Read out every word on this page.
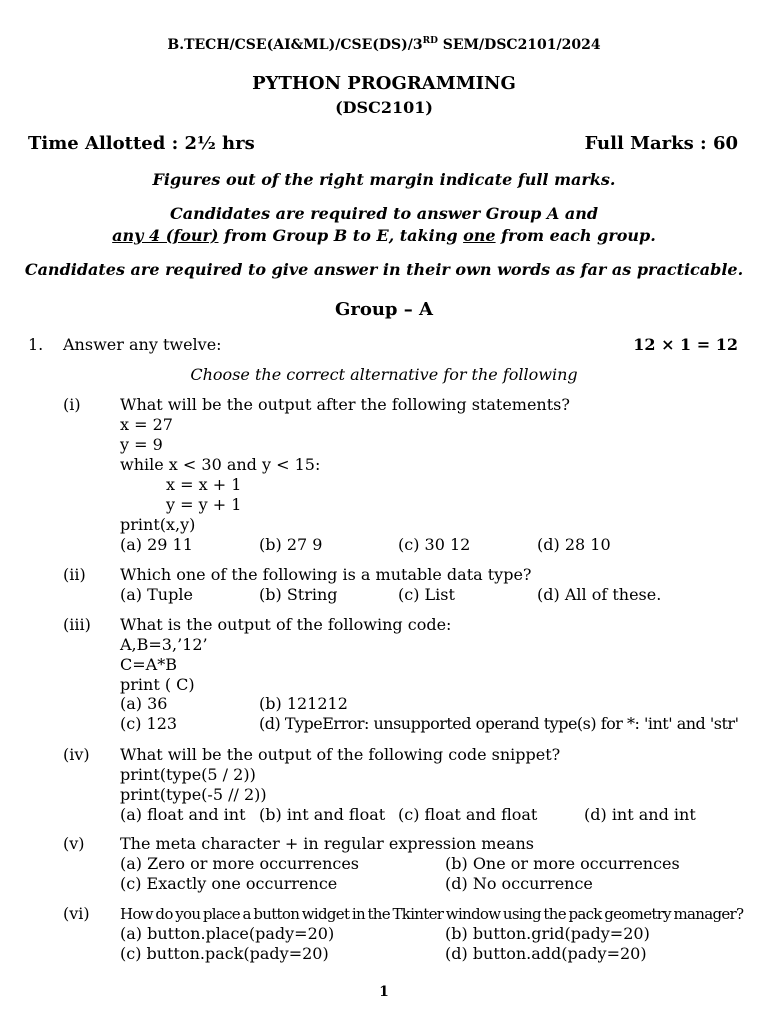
B.TECH/CSE(AI&ML)/CSE(DS)/3RD SEM/DSC2101/2024
PYTHON PROGRAMMING
(DSC2101)
Time Allotted : 2½ hrs	Full Marks : 60
Figures out of the right margin indicate full marks.
Candidates are required to answer Group A and
any 4 (four) from Group B to E, taking one from each group.
Candidates are required to give answer in their own words as far as practicable.
Group – A
1. Answer any twelve:	12 × 1 = 12
Choose the correct alternative for the following
(i) What will be the output after the following statements?
x = 27
y = 9
while x < 30 and y < 15:
x = x + 1
y = y + 1
print(x,y)
(a) 29 11	(b) 27 9	(c) 30 12	(d) 28 10
(ii) Which one of the following is a mutable data type?
(a) Tuple	(b) String	(c) List	(d) All of these.
(iii) What is the output of the following code:
A,B=3,’12’
C=A*B
print ( C)
(a) 36	(b) 121212
(c) 123	(d) TypeError: unsupported operand type(s) for *: 'int' and 'str'
(iv) What will be the output of the following code snippet?
print(type(5 / 2))
print(type(-5 // 2))
(a) float and int (b) int and float (c) float and float	(d) int and int
(v) The meta character + in regular expression means
(a) Zero or more occurrences	(b) One or more occurrences
(c) Exactly one occurrence	(d) No occurrence
(vi) How do you place a button widget in the Tkinter window using the pack geometry manager?
(a) button.place(pady=20)	(b) button.grid(pady=20)
(c) button.pack(pady=20)	(d) button.add(pady=20)
1
